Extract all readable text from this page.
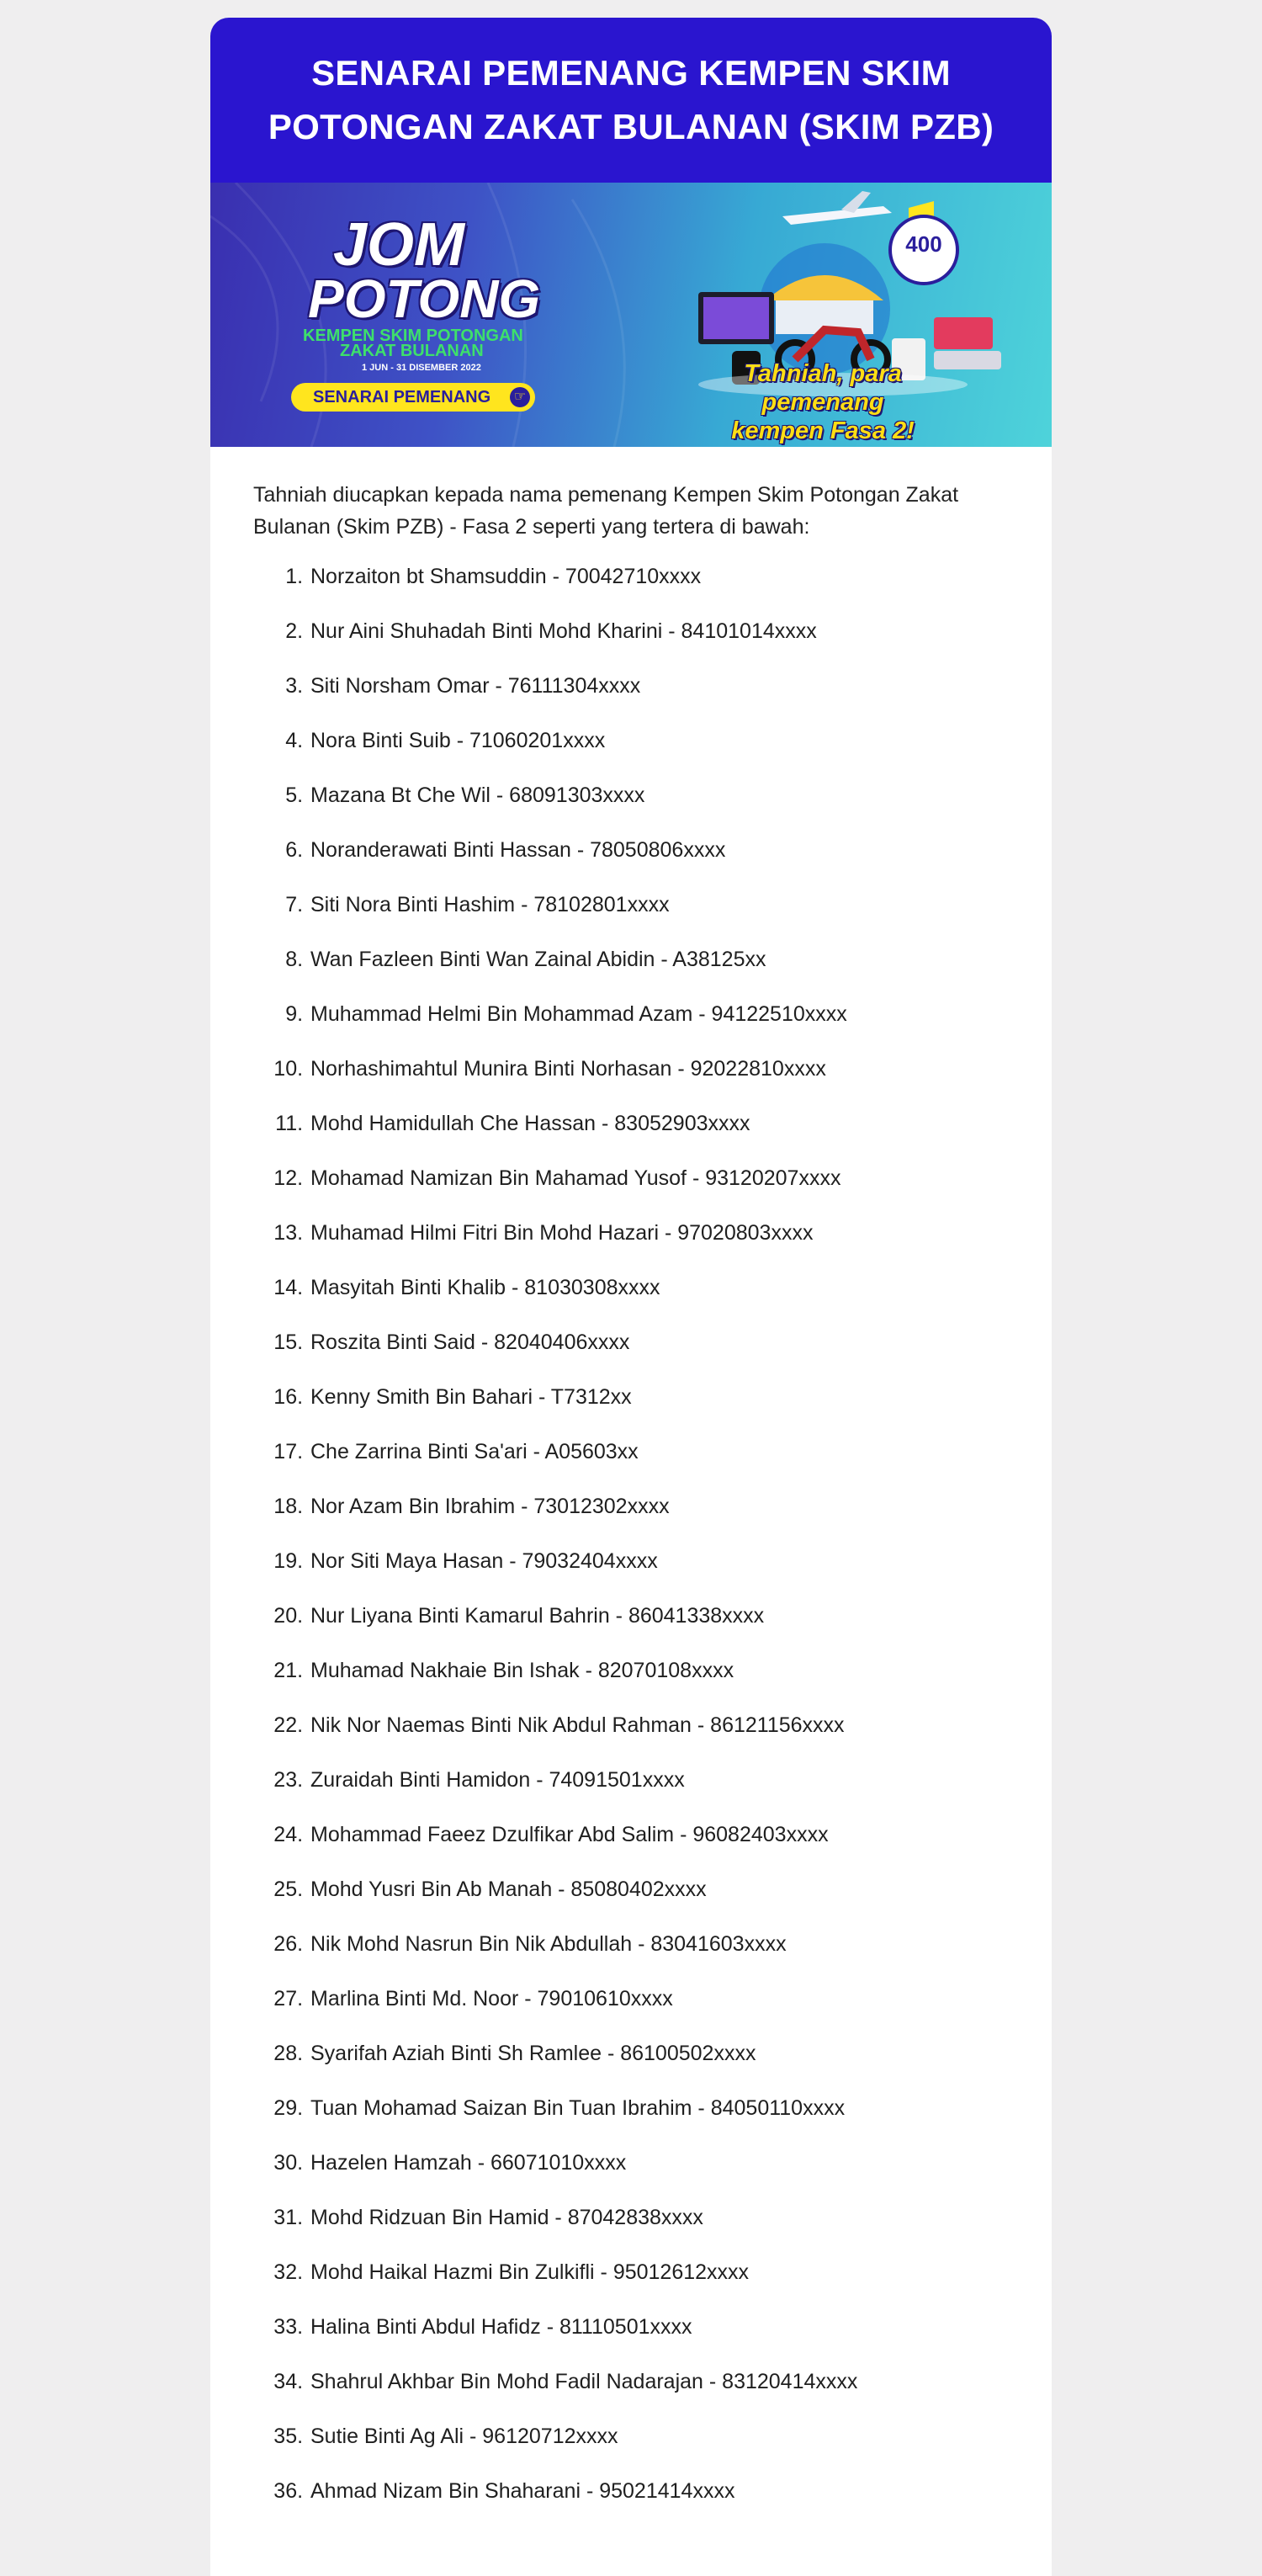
SENARAI PEMENANG KEMPEN SKIM
POTONGAN ZAKAT BULANAN (SKIM PZB)
JOM
POTONG
KEMPEN SKIM POTONGAN
ZAKAT BULANAN
1 JUN - 31 DISEMBER 2022
SENARAI PEMENANG	☞
400
Tahniah, para pemenang
kempen Fasa 2!

Tahniah diucapkan kepada nama pemenang Kempen Skim Potongan Zakat Bulanan (Skim PZB) - Fasa 2 seperti yang tertera di bawah:

1. Norzaiton bt Shamsuddin - 70042710xxxx
2. Nur Aini Shuhadah Binti Mohd Kharini - 84101014xxxx
3. Siti Norsham Omar - 76111304xxxx
4. Nora Binti Suib - 71060201xxxx
5. Mazana Bt Che Wil - 68091303xxxx
6. Noranderawati Binti Hassan - 78050806xxxx
7. Siti Nora Binti Hashim - 78102801xxxx
8. Wan Fazleen Binti Wan Zainal Abidin - A38125xx
9. Muhammad Helmi Bin Mohammad Azam - 94122510xxxx
10. Norhashimahtul Munira Binti Norhasan - 92022810xxxx
11. Mohd Hamidullah Che Hassan - 83052903xxxx
12. Mohamad Namizan Bin Mahamad Yusof - 93120207xxxx
13. Muhamad Hilmi Fitri Bin Mohd Hazari - 97020803xxxx
14. Masyitah Binti Khalib - 81030308xxxx
15. Roszita Binti Said - 82040406xxxx
16. Kenny Smith Bin Bahari - T7312xx
17. Che Zarrina Binti Sa'ari - A05603xx
18. Nor Azam Bin Ibrahim - 73012302xxxx
19. Nor Siti Maya Hasan - 79032404xxxx
20. Nur Liyana Binti Kamarul Bahrin - 86041338xxxx
21. Muhamad Nakhaie Bin Ishak - 82070108xxxx
22. Nik Nor Naemas Binti Nik Abdul Rahman - 86121156xxxx
23. Zuraidah Binti Hamidon - 74091501xxxx
24. Mohammad Faeez Dzulfikar Abd Salim - 96082403xxxx
25. Mohd Yusri Bin Ab Manah - 85080402xxxx
26. Nik Mohd Nasrun Bin Nik Abdullah - 83041603xxxx
27. Marlina Binti Md. Noor - 79010610xxxx
28. Syarifah Aziah Binti Sh Ramlee - 86100502xxxx
29. Tuan Mohamad Saizan Bin Tuan Ibrahim - 84050110xxxx
30. Hazelen Hamzah - 66071010xxxx
31. Mohd Ridzuan Bin Hamid - 87042838xxxx
32. Mohd Haikal Hazmi Bin Zulkifli - 95012612xxxx
33. Halina Binti Abdul Hafidz - 81110501xxxx
34. Shahrul Akhbar Bin Mohd Fadil Nadarajan - 83120414xxxx
35. Sutie Binti Ag Ali - 96120712xxxx
36. Ahmad Nizam Bin Shaharani - 95021414xxxx
